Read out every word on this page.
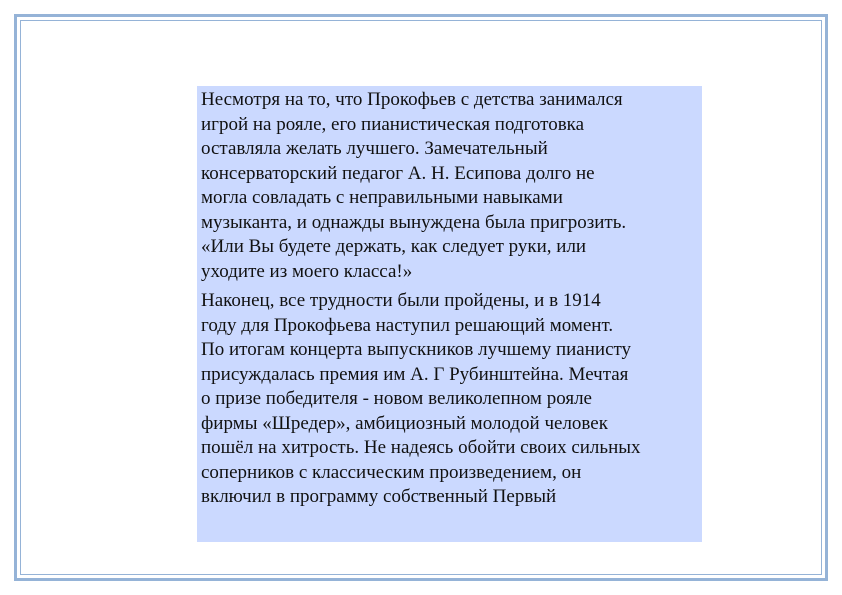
Несмотря на то, что Прокофьев с детства занимался
игрой на рояле, его пианистическая подготовка
оставляла желать лучшего. Замечательный
консерваторский педагог А. Н. Есипова долго не
могла совладать с неправильными навыками
музыканта, и однажды вынуждена была пригрозить.
«Или Вы будете держать, как следует руки, или
уходите из моего класса!»

Наконец, все трудности были пройдены, и в 1914
году для Прокофьева наступил решающий момент.
По итогам концерта выпускников лучшему пианисту
присуждалась премия им А. Г Рубинштейна. Мечтая
о призе победителя - новом великолепном рояле
фирмы «Шредер», амбициозный молодой человек
пошёл на хитрость. Не надеясь обойти своих сильных
соперников с классическим произведением, он
включил в программу собственный Первый
